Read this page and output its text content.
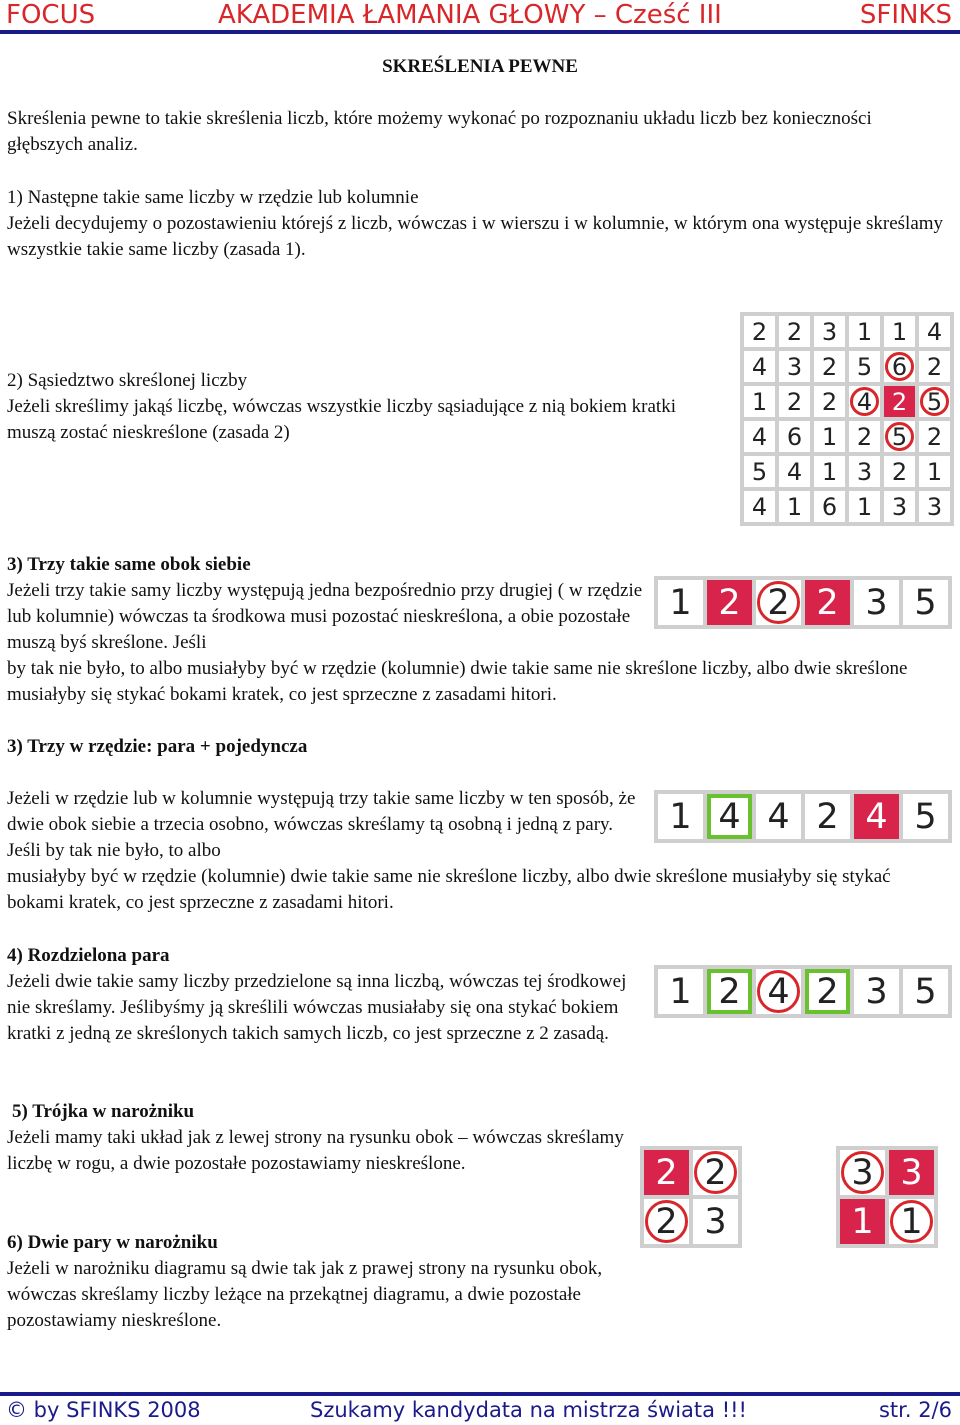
FOCUS	AKADEMIA ŁAMANIA GŁOWY – Cześć III	SFINKS

SKREŚLENIA PEWNE

Skreślenia pewne to takie skreślenia liczb, które możemy wykonać po rozpoznaniu układu liczb bez konieczności głębszych analiz.

1) Następne takie same liczby w rzędzie lub kolumnie

Jeżeli decydujemy o pozostawieniu którejś z liczb, wówczas i w wierszu i w kolumnie, w którym ona występuje skreślamy wszystkie takie same liczby (zasada 1).

2) Sąsiedztwo skreślonej liczby

Jeżeli skreślimy jakąś liczbę, wówczas wszystkie liczby sąsiadujące z nią bokiem kratki muszą zostać nieskreślone (zasada 2)

3) Trzy takie same obok siebie

Jeżeli trzy takie samy liczby występują jedna bezpośrednio przy drugiej ( w rzędzie lub kolumnie) wówczas ta środkowa musi pozostać nieskreślona, a obie pozostałe muszą byś skreślone. Jeśli

by tak nie było, to albo musiałyby być w rzędzie (kolumnie) dwie takie same nie skreślone liczby, albo dwie skreślone musiałyby się stykać bokami kratek, co jest sprzeczne z zasadami hitori.

3) Trzy w rzędzie: para + pojedyncza

Jeżeli w rzędzie lub w kolumnie występują trzy takie same liczby w ten sposób, że dwie obok siebie a trzecia osobno, wówczas skreślamy tą osobną i jedną z pary. Jeśli by tak nie było, to albo

musiałyby być w rzędzie (kolumnie) dwie takie same nie skreślone liczby, albo dwie skreślone musiałyby się stykać bokami kratek, co jest sprzeczne z zasadami hitori.

4) Rozdzielona para

Jeżeli dwie takie samy liczby przedzielone są inna liczbą, wówczas tej środkowej nie skreślamy. Jeślibyśmy ją skreślili wówczas musiałaby się ona stykać bokiem kratki z jedną ze skreślonych takich samych liczb, co jest sprzeczne z 2 zasadą.

5) Trójka w narożniku

Jeżeli mamy taki układ jak z lewej strony na rysunku obok – wówczas skreślamy liczbę w rogu, a dwie pozostałe pozostawiamy nieskreślone.

6) Dwie pary w narożniku

Jeżeli w narożniku diagramu są dwie tak jak z prawej strony na rysunku obok, wówczas skreślamy liczby leżące na przekątnej diagramu, a dwie pozostałe pozostawiamy nieskreślone.

2 2 3 1 1 4
4 3 2 5 6 2
1 2 2 4 2 5
4 6 1 2 5 2
5 4 1 3 2 1
4 1 6 1 3 3
1 2 2 2 3 5
1 4 4 2 4 5
1 2 4 2 3 5
2 2
2 3
3 3
1 1
© by SFINKS 2008	Szukamy kandydata na mistrza świata !!!	str. 2/6
